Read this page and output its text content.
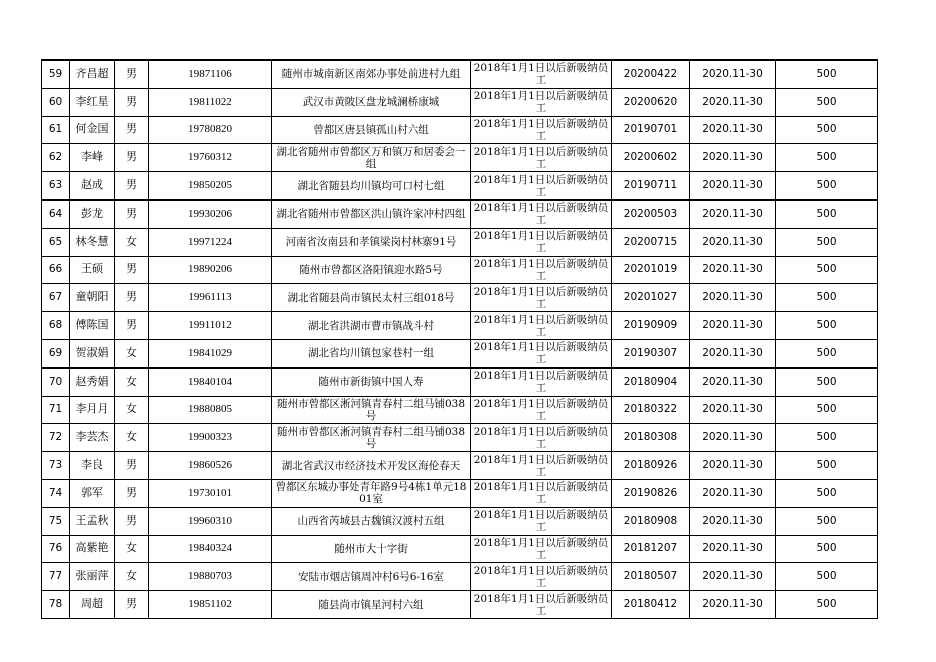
59	齐昌超	男	19871106	随州市城南新区南郊办事处前进村九组	2018年1月1日以后新吸纳员工	20200422	2020.11-30	500
60	李红星	男	19811022	武汉市黄陂区盘龙城澜桥康城	2018年1月1日以后新吸纳员工	20200620	2020.11-30	500
61	何金国	男	19780820	曾都区唐县镇孤山村六组	2018年1月1日以后新吸纳员工	20190701	2020.11-30	500
62	李峰	男	19760312	湖北省随州市曾都区万和镇万和居委会一组	2018年1月1日以后新吸纳员工	20200602	2020.11-30	500
63	赵成	男	19850205	湖北省随县均川镇均可口村七组	2018年1月1日以后新吸纳员工	20190711	2020.11-30	500
64	彭龙	男	19930206	湖北省随州市曾都区洪山镇许家冲村四组	2018年1月1日以后新吸纳员工	20200503	2020.11-30	500
65	林冬慧	女	19971224	河南省汝南县和孝镇梁岗村林寨91号	2018年1月1日以后新吸纳员工	20200715	2020.11-30	500
66	王硕	男	19890206	随州市曾都区洛阳镇迎水路5号	2018年1月1日以后新吸纳员工	20201019	2020.11-30	500
67	童朝阳	男	19961113	湖北省随县尚市镇民太村三组018号	2018年1月1日以后新吸纳员工	20201027	2020.11-30	500
68	傅陈国	男	19911012	湖北省洪湖市曹市镇战斗村	2018年1月1日以后新吸纳员工	20190909	2020.11-30	500
69	贺淑娟	女	19841029	湖北省均川镇包家巷村一组	2018年1月1日以后新吸纳员工	20190307	2020.11-30	500
70	赵秀娟	女	19840104	随州市新街镇中国人寿	2018年1月1日以后新吸纳员工	20180904	2020.11-30	500
71	李月月	女	19880805	随州市曾都区淅河镇青春村二组马铺038号	2018年1月1日以后新吸纳员工	20180322	2020.11-30	500
72	李芸杰	女	19900323	随州市曾都区淅河镇青春村二组马铺038号	2018年1月1日以后新吸纳员工	20180308	2020.11-30	500
73	李良	男	19860526	湖北省武汉市经济技术开发区海伦春天	2018年1月1日以后新吸纳员工	20180926	2020.11-30	500
74	郭军	男	19730101	曾都区东城办事处青年路9号4栋1单元1801室	2018年1月1日以后新吸纳员工	20190826	2020.11-30	500
75	王孟秋	男	19960310	山西省芮城县古魏镇汉渡村五组	2018年1月1日以后新吸纳员工	20180908	2020.11-30	500
76	高紫艳	女	19840324	随州市大十字街	2018年1月1日以后新吸纳员工	20181207	2020.11-30	500
77	张丽萍	女	19880703	安陆市烟店镇周冲村6号6-16室	2018年1月1日以后新吸纳员工	20180507	2020.11-30	500
78	周超	男	19851102	随县尚市镇星河村六组	2018年1月1日以后新吸纳员工	20180412	2020.11-30	500
